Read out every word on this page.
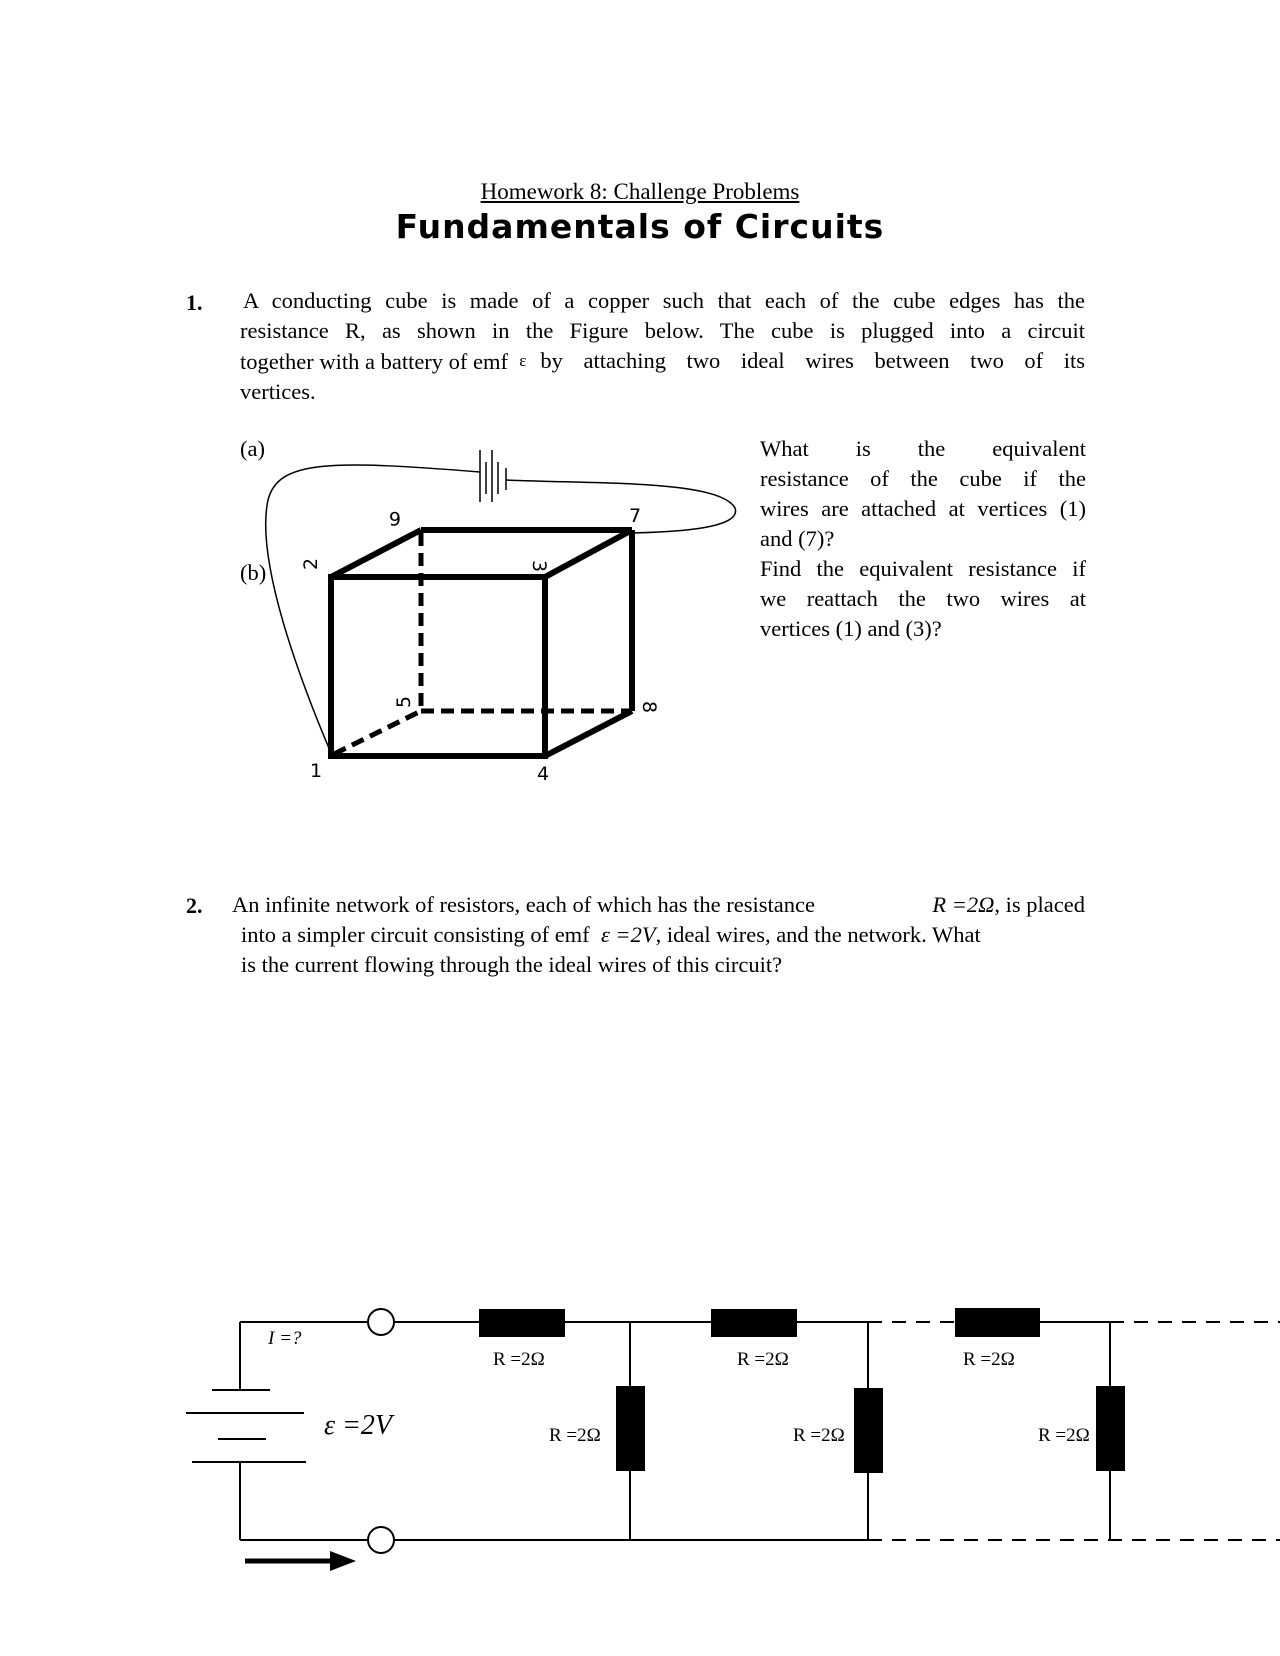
Homework 8: Challenge Problems
Fundamentals of Circuits
1. A conducting cube is made of a copper such that each of the cube edges has the
resistance R, as shown in the Figure below. The cube is plugged into a circuit
together with a battery of emf ε by attaching two ideal wires between two of its
vertices.
(a)
(b)
What is the equivalent
resistance of the cube if the
wires are attached at vertices (1)
and (7)?
Find the equivalent resistance if
we reattach the two wires at
vertices (1) and (3)?
1
2	3
4
5
6	7
8
2. An infinite network of resistors, each of which has the resistance	R =2Ω, is placed
into a simpler circuit consisting of emf ε =2V, ideal wires, and the network. What
is the current flowing through the ideal wires of this circuit?
I =?
ε =2V
R =2Ω	R =2Ω	R =2Ω
R =2Ω	R =2Ω	R =2Ω
